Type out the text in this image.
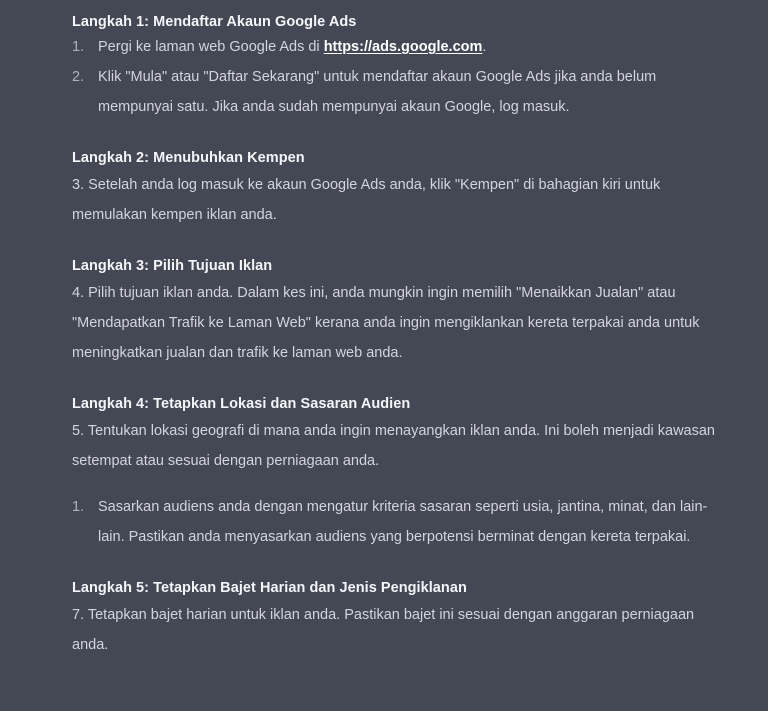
Langkah 1: Mendaftar Akaun Google Ads
Pergi ke laman web Google Ads di https://ads.google.com.
Klik "Mula" atau "Daftar Sekarang" untuk mendaftar akaun Google Ads jika anda belum mempunyai satu. Jika anda sudah mempunyai akaun Google, log masuk.
Langkah 2: Menubuhkan Kempen

3. Setelah anda log masuk ke akaun Google Ads anda, klik "Kempen" di bahagian kiri untuk memulakan kempen iklan anda.

Langkah 3: Pilih Tujuan Iklan

4. Pilih tujuan iklan anda. Dalam kes ini, anda mungkin ingin memilih "Menaikkan Jualan" atau "Mendapatkan Trafik ke Laman Web" kerana anda ingin mengiklankan kereta terpakai anda untuk meningkatkan jualan dan trafik ke laman web anda.

Langkah 4: Tetapkan Lokasi dan Sasaran Audien

5. Tentukan lokasi geografi di mana anda ingin menayangkan iklan anda. Ini boleh menjadi kawasan setempat atau sesuai dengan perniagaan anda.

Sasarkan audiens anda dengan mengatur kriteria sasaran seperti usia, jantina, minat, dan lain-lain. Pastikan anda menyasarkan audiens yang berpotensi berminat dengan kereta terpakai.
Langkah 5: Tetapkan Bajet Harian dan Jenis Pengiklanan

7. Tetapkan bajet harian untuk iklan anda. Pastikan bajet ini sesuai dengan anggaran perniagaan anda.
